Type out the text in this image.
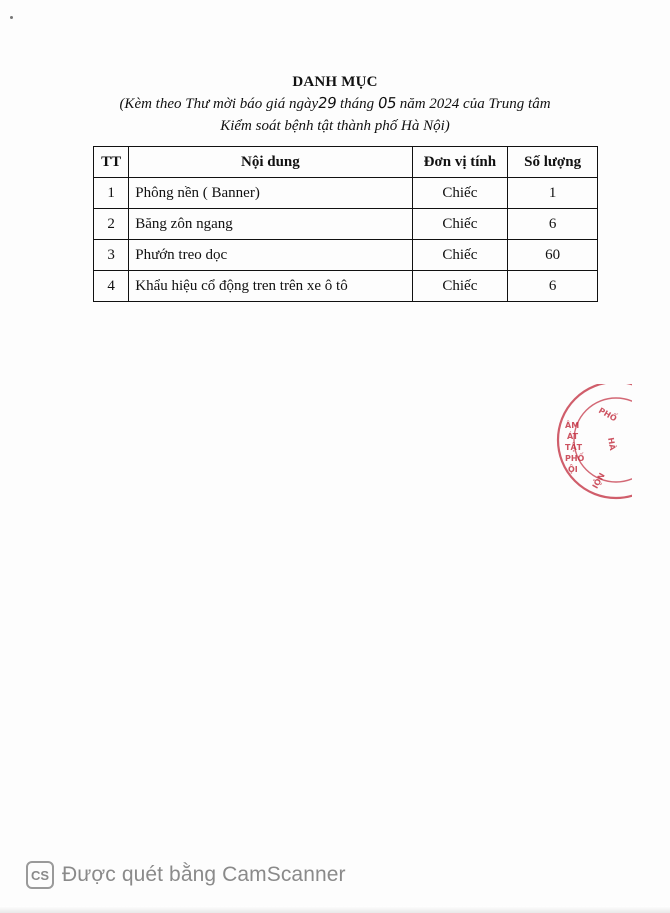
DANH MỤC
(Kèm theo Thư mời báo giá ngày29 tháng 05 năm 2024 của Trung tâm
Kiểm soát bệnh tật thành phố Hà Nội)
TT	Nội dung	Đơn vị tính	Số lượng
1	Phông nền ( Banner)	Chiếc	1
2	Băng zôn ngang	Chiếc	6
3	Phướn treo dọc	Chiếc	60
4	Khẩu hiệu cổ động tren trên xe ô tô	Chiếc	6
PHỐ
HÀ
NỘI
ÂM
ÁT
TẬT
PHỐ
ỘI
CS Được quét bằng CamScanner
